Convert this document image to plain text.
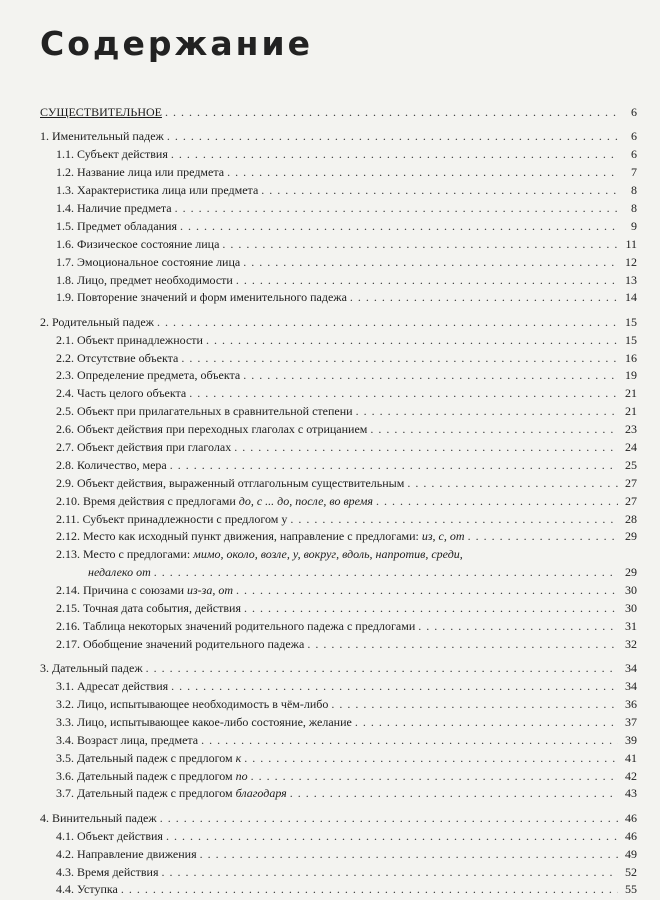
Содержание
СУЩЕСТВИТЕЛЬНОЕ . . .	6
1. Именительный падеж . . .	6
1.1. Субъект действия . . .	6
1.2. Название лица или предмета . . .	7
1.3. Характеристика лица или предмета . . .	8
1.4. Наличие предмета . . .	8
1.5. Предмет обладания . . .	9
1.6. Физическое состояние лица . . .	11
1.7. Эмоциональное состояние лица . . .	12
1.8. Лицо, предмет необходимости . . .	13
1.9. Повторение значений и форм именительного падежа . . .	14
2. Родительный падеж . . .	15
2.1. Объект принадлежности . . .	15
2.2. Отсутствие объекта . . .	16
2.3. Определение предмета, объекта . . .	19
2.4. Часть целого объекта . . .	21
2.5. Объект при прилагательных в сравнительной степени . . .	21
2.6. Объект действия при переходных глаголах с отрицанием . . .	23
2.7. Объект действия при глаголах . . .	24
2.8. Количество, мера . . .	25
2.9. Объект действия, выраженный отглагольным существительным . . .	27
2.10. Время действия с предлогами до, с ... до, после, во время . . .	27
2.11. Субъект принадлежности с предлогом у . . .	28
2.12. Место как исходный пункт движения, направление с предлогами: из, с, от . . .	29
2.13. Место с предлогами: мимо, около, возле, у, вокруг, вдоль, напротив, среди,
недалеко от . . .	29
2.14. Причина с союзами из-за, от . . .	30
2.15. Точная дата события, действия . . .	30
2.16. Таблица некоторых значений родительного падежа с предлогами . . .	31
2.17. Обобщение значений родительного падежа . . .	32
3. Дательный падеж . . .	34
3.1. Адресат действия . . .	34
3.2. Лицо, испытывающее необходимость в чём-либо . . .	36
3.3. Лицо, испытывающее какое-либо состояние, желание . . .	37
3.4. Возраст лица, предмета . . .	39
3.5. Дательный падеж с предлогом к . . .	41
3.6. Дательный падеж с предлогом по . . .	42
3.7. Дательный падеж с предлогом благодаря . . .	43
4. Винительный падеж . . .	46
4.1. Объект действия . . .	46
4.2. Направление движения . . .	49
4.3. Время действия . . .	52
4.4. Уступка . . .	55
